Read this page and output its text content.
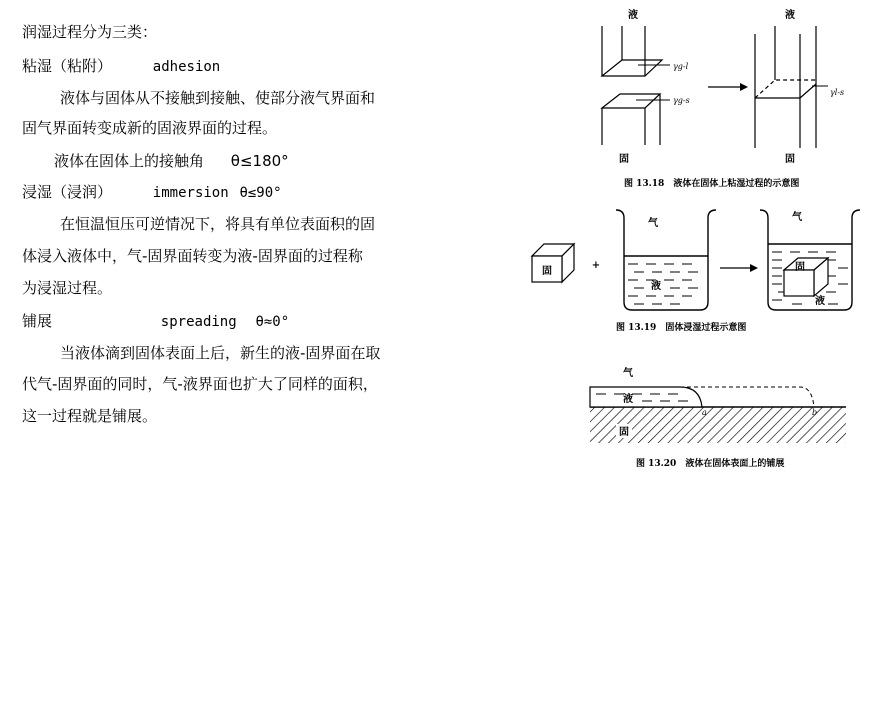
润湿过程分为三类：
粘湿（粘附）	adhesion
液体与固体从不接触到接触、使部分液气界面和
固气界面转变成新的固液界面的过程。
液体在固体上的接触角 θ≤180°
浸湿（浸润）	immersion θ≤90°
在恒温恒压可逆情况下，将具有单位表面积的固
体浸入液体中，气-固界面转变为液-固界面的过程称
为浸湿过程。
铺展	spreading θ≈0°
当液体滴到固体表面上后，新生的液-固界面在取
代气-固界面的同时，气-液界面也扩大了同样的面积，
这一过程就是铺展。
液	液
γg-l
γg-s
γl-s
固	固
图 13.18　液体在固体上粘湿过程的示意图
固
+
气
液
固
气
液
图 13.19　固体浸湿过程示意图
固
液
气
a	b
图 13.20　液体在固体表面上的铺展
